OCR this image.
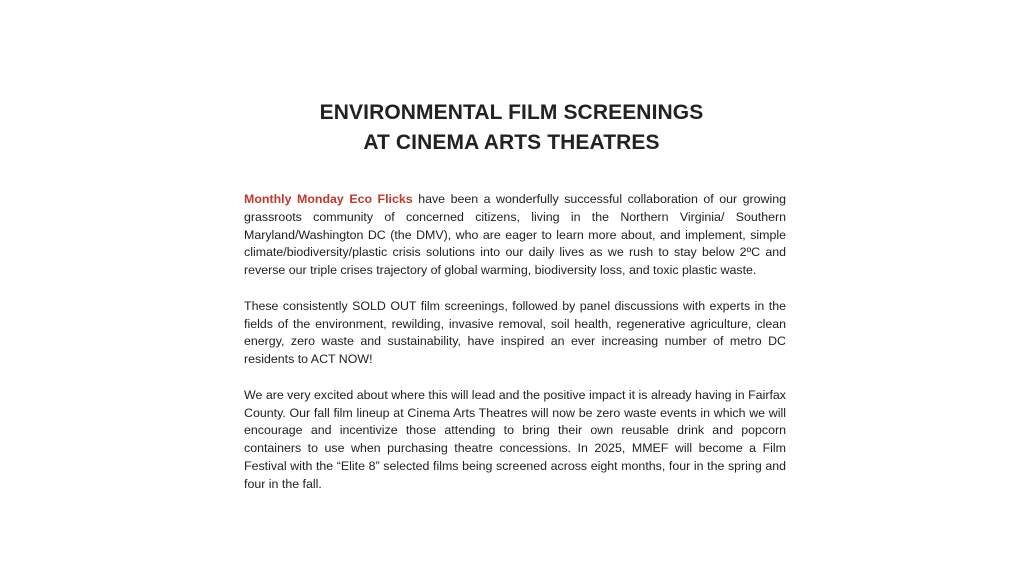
ENVIRONMENTAL FILM SCREENINGS
AT CINEMA ARTS THEATRES

Monthly Monday Eco Flicks have been a wonderfully successful collaboration of our growing grassroots community of concerned citizens, living in the Northern Virginia/ Southern Maryland/Washington DC (the DMV), who are eager to learn more about, and implement, simple climate/biodiversity/plastic crisis solutions into our daily lives as we rush to stay below 2ºC and reverse our triple crises trajectory of global warming, biodiversity loss, and toxic plastic waste.

These consistently SOLD OUT film screenings, followed by panel discussions with experts in the fields of the environment, rewilding, invasive removal, soil health, regenerative agriculture, clean energy, zero waste and sustainability, have inspired an ever increasing number of metro DC residents to ACT NOW!

We are very excited about where this will lead and the positive impact it is already having in Fairfax County. Our fall film lineup at Cinema Arts Theatres will now be zero waste events in which we will encourage and incentivize those attending to bring their own reusable drink and popcorn containers to use when purchasing theatre concessions. In 2025, MMEF will become a Film Festival with the “Elite 8” selected films being screened across eight months, four in the spring and four in the fall.
